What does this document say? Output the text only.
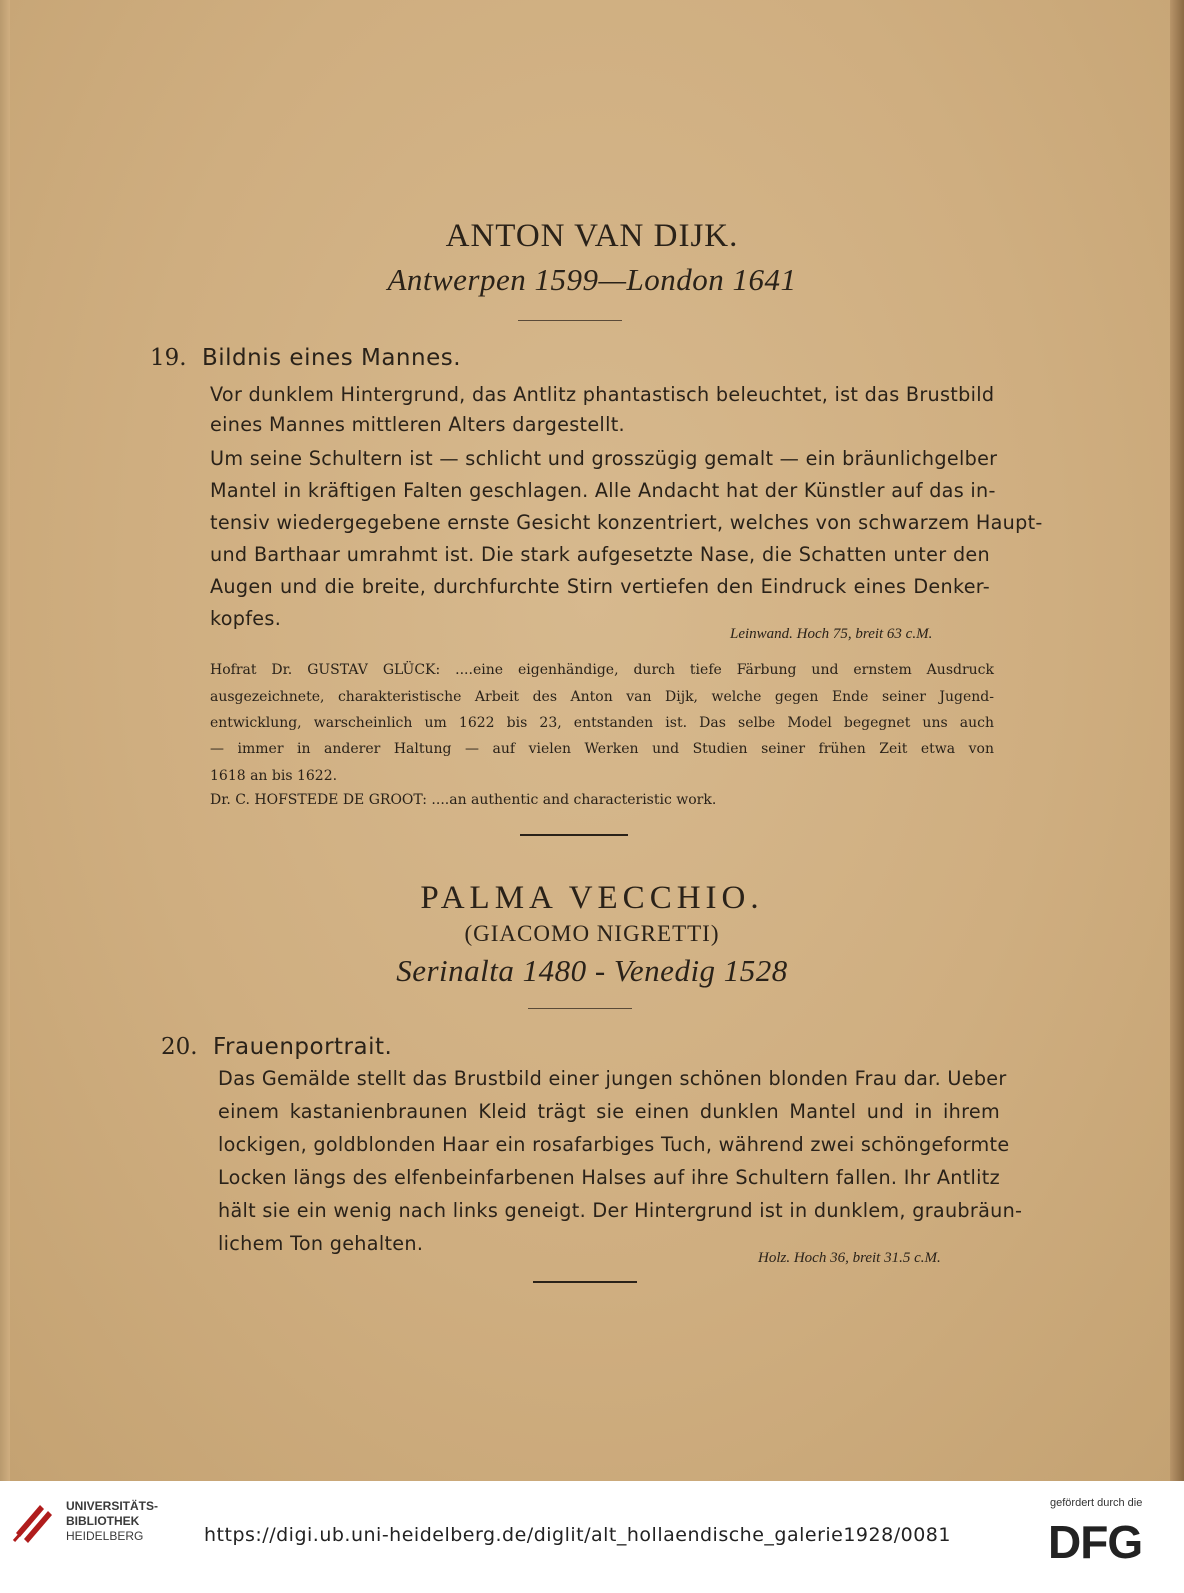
ANTON VAN DIJK.
Antwerpen 1599—London 1641
19. Bildnis eines Mannes.
Vor dunklem Hintergrund, das Antlitz phantastisch beleuchtet, ist das Brustbild
eines Mannes mittleren Alters dargestellt.
Um seine Schultern ist — schlicht und grosszügig gemalt — ein bräunlichgelber
Mantel in kräftigen Falten geschlagen. Alle Andacht hat der Künstler auf das in-
tensiv wiedergegebene ernste Gesicht konzentriert, welches von schwarzem Haupt-
und Barthaar umrahmt ist. Die stark aufgesetzte Nase, die Schatten unter den
Augen und die breite, durchfurchte Stirn vertiefen den Eindruck eines Denker-
kopfes.
Leinwand. Hoch 75, breit 63 c.M.
Hofrat Dr. GUSTAV GLÜCK: ....eine eigenhändige, durch tiefe Färbung und ernstem Ausdruck
ausgezeichnete, charakteristische Arbeit des Anton van Dijk, welche gegen Ende seiner Jugend-
entwicklung, warscheinlich um 1622 bis 23, entstanden ist. Das selbe Model begegnet uns auch
— immer in anderer Haltung — auf vielen Werken und Studien seiner frühen Zeit etwa von
1618 an bis 1622.
Dr. C. HOFSTEDE DE GROOT: ....an authentic and characteristic work.
PALMA VECCHIO.
(GIACOMO NIGRETTI)
Serinalta 1480 - Venedig 1528
20. Frauenportrait.
Das Gemälde stellt das Brustbild einer jungen schönen blonden Frau dar. Ueber
einem kastanienbraunen Kleid trägt sie einen dunklen Mantel und in ihrem
lockigen, goldblonden Haar ein rosafarbiges Tuch, während zwei schöngeformte
Locken längs des elfenbeinfarbenen Halses auf ihre Schultern fallen. Ihr Antlitz
hält sie ein wenig nach links geneigt. Der Hintergrund ist in dunklem, graubräun-
lichem Ton gehalten.
Holz. Hoch 36, breit 31.5 c.M.
UNIVERSITÄTS-
BIBLIOTHEK
HEIDELBERG	https://digi.ub.uni-heidelberg.de/diglit/alt_hollaendische_galerie1928/0081
gefördert durch die
DFG
